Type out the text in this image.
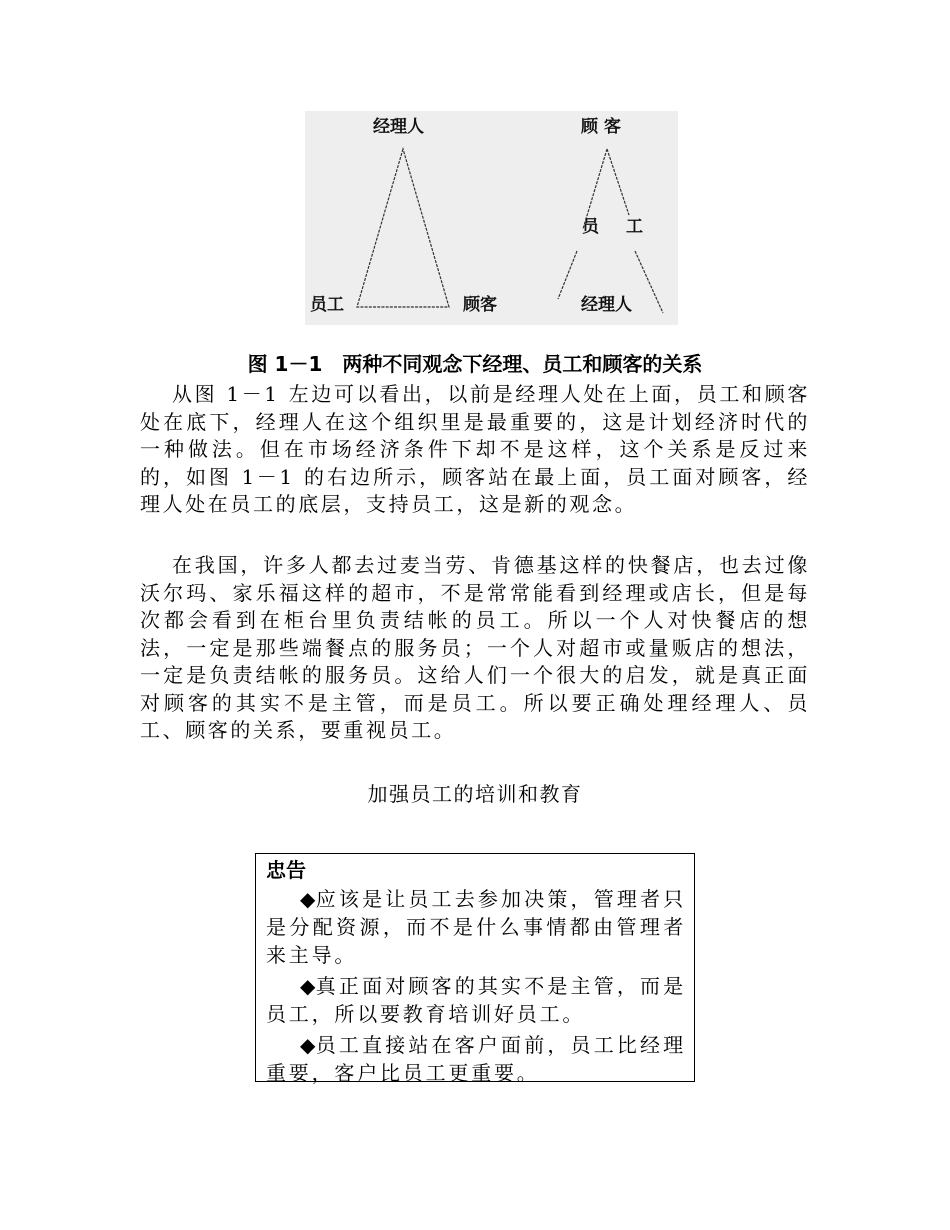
经理人
员工	顾客
顾 客
员 工
经理人

图 1－1　两种不同观念下经理、员工和顾客的关系

从图 1－1 左边可以看出，以前是经理人处在上面，员工和顾客处在底下，经理人在这个组织里是最重要的，这是计划经济时代的一种做法。但在市场经济条件下却不是这样，这个关系是反过来的，如图 1－1 的右边所示，顾客站在最上面，员工面对顾客，经理人处在员工的底层，支持员工，这是新的观念。

在我国，许多人都去过麦当劳、肯德基这样的快餐店，也去过像沃尔玛、家乐福这样的超市，不是常常能看到经理或店长，但是每次都会看到在柜台里负责结帐的员工。所以一个人对快餐店的想法，一定是那些端餐点的服务员；一个人对超市或量贩店的想法，一定是负责结帐的服务员。这给人们一个很大的启发，就是真正面对顾客的其实不是主管，而是员工。所以要正确处理经理人、员工、顾客的关系，要重视员工。

加强员工的培训和教育

忠告
◆应该是让员工去参加决策，管理者只是分配资源，而不是什么事情都由管理者来主导。
◆真正面对顾客的其实不是主管，而是员工，所以要教育培训好员工。
◆员工直接站在客户面前，员工比经理重要，客户比员工更重要。
